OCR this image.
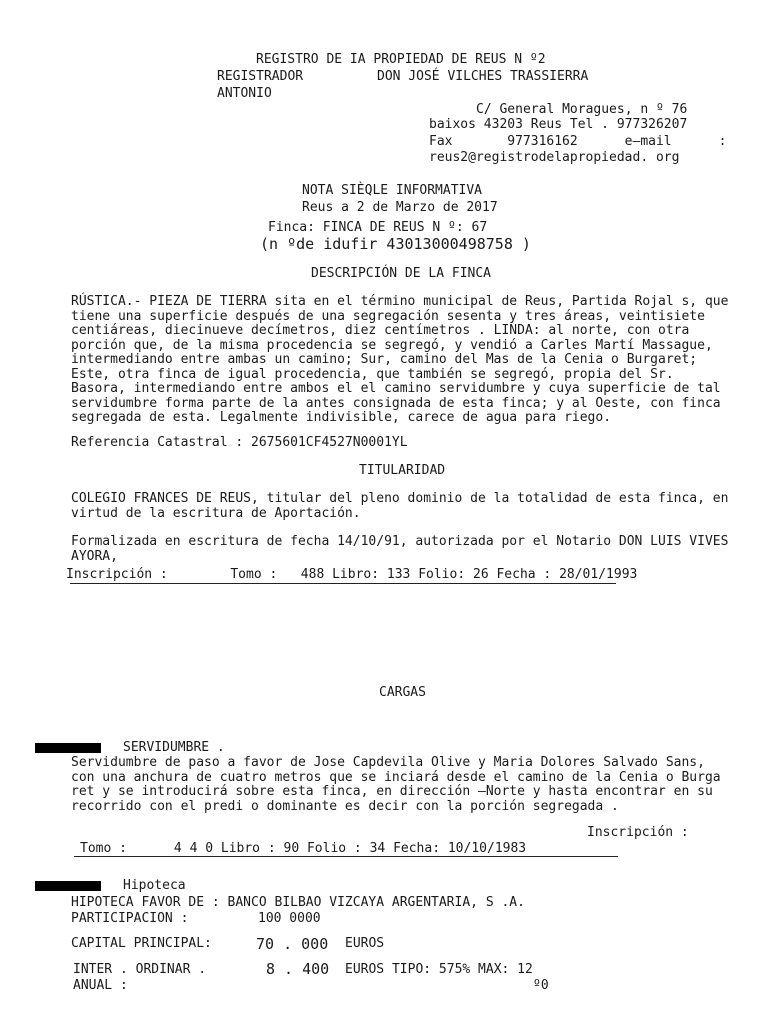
REGISTRO DE IA PROPIEDAD DE REUS N º2
REGISTRADOR	DON JOSÉ VILCHES TRASSIERRA
ANTONIO
C/ General Moragues, n º 76
baixos 43203 Reus Tel . 977326207
Fax       977316162      e—mail      :
reus2@registrodelapropiedad. org
NOTA SIÈQLE INFORMATIVA
Reus a 2 de Marzo de 2017
Finca: FINCA DE REUS N º: 67
(n ºde idufir 43013000498758 )
DESCRIPCIÓN DE LA FINCA
RÚSTICA.- PIEZA DE TIERRA sita en el término municipal de Reus, Partida Rojal s, que
tiene una superficie después de una segregación sesenta y tres áreas, veintisiete
centiáreas, diecinueve decímetros, diez centímetros . LINDA: al norte, con otra
porción que, de la misma procedencia se segregó, y vendió a Carles Martí Massague,
intermediando entre ambas un camino; Sur, camino del Mas de la Cenia o Burgaret;
Este, otra finca de igual procedencia, que también se segregó, propia del Sr.
Basora, intermediando entre ambos el el camino servidumbre y cuya superficie de tal
servidumbre forma parte de la antes consignada de esta finca; y al Oeste, con finca
segregada de esta. Legalmente indivisible, carece de agua para riego.
Referencia Catastral : 2675601CF4527N0001YL
TITULARIDAD
COLEGIO FRANCES DE REUS, titular del pleno dominio de la totalidad de esta finca, en
virtud de la escritura de Aportación.
Formalizada en escritura de fecha 14/10/91, autorizada por el Notario DON LUIS VIVES
AYORA,
Inscripción :        Tomo :   488 Libro: 133 Folio: 26 Fecha : 28/01/1993
CARGAS
SERVIDUMBRE .
Servidumbre de paso a favor de Jose Capdevila Olive y Maria Dolores Salvado Sans,
con una anchura de cuatro metros que se inciará desde el camino de la Cenia o Burga
ret y se introducirá sobre esta finca, en dirección —Norte y hasta encontrar en su
recorrido con el predi o dominante es decir con la porción segregada .
Inscripción :
Tomo :      4 4 0 Libro : 90 Folio : 34 Fecha: 10/10/1983
Hipoteca
HIPOTECA FAVOR DE : BANCO BILBAO VIZCAYA ARGENTARIA, S .A.
PARTICIPACION :	100 0000
CAPITAL PRINCIPAL:	70 . 000 EUROS
INTER . ORDINAR .	8 . 400 EUROS TIPO: 575% MAX: 12
ANUAL :	º0
